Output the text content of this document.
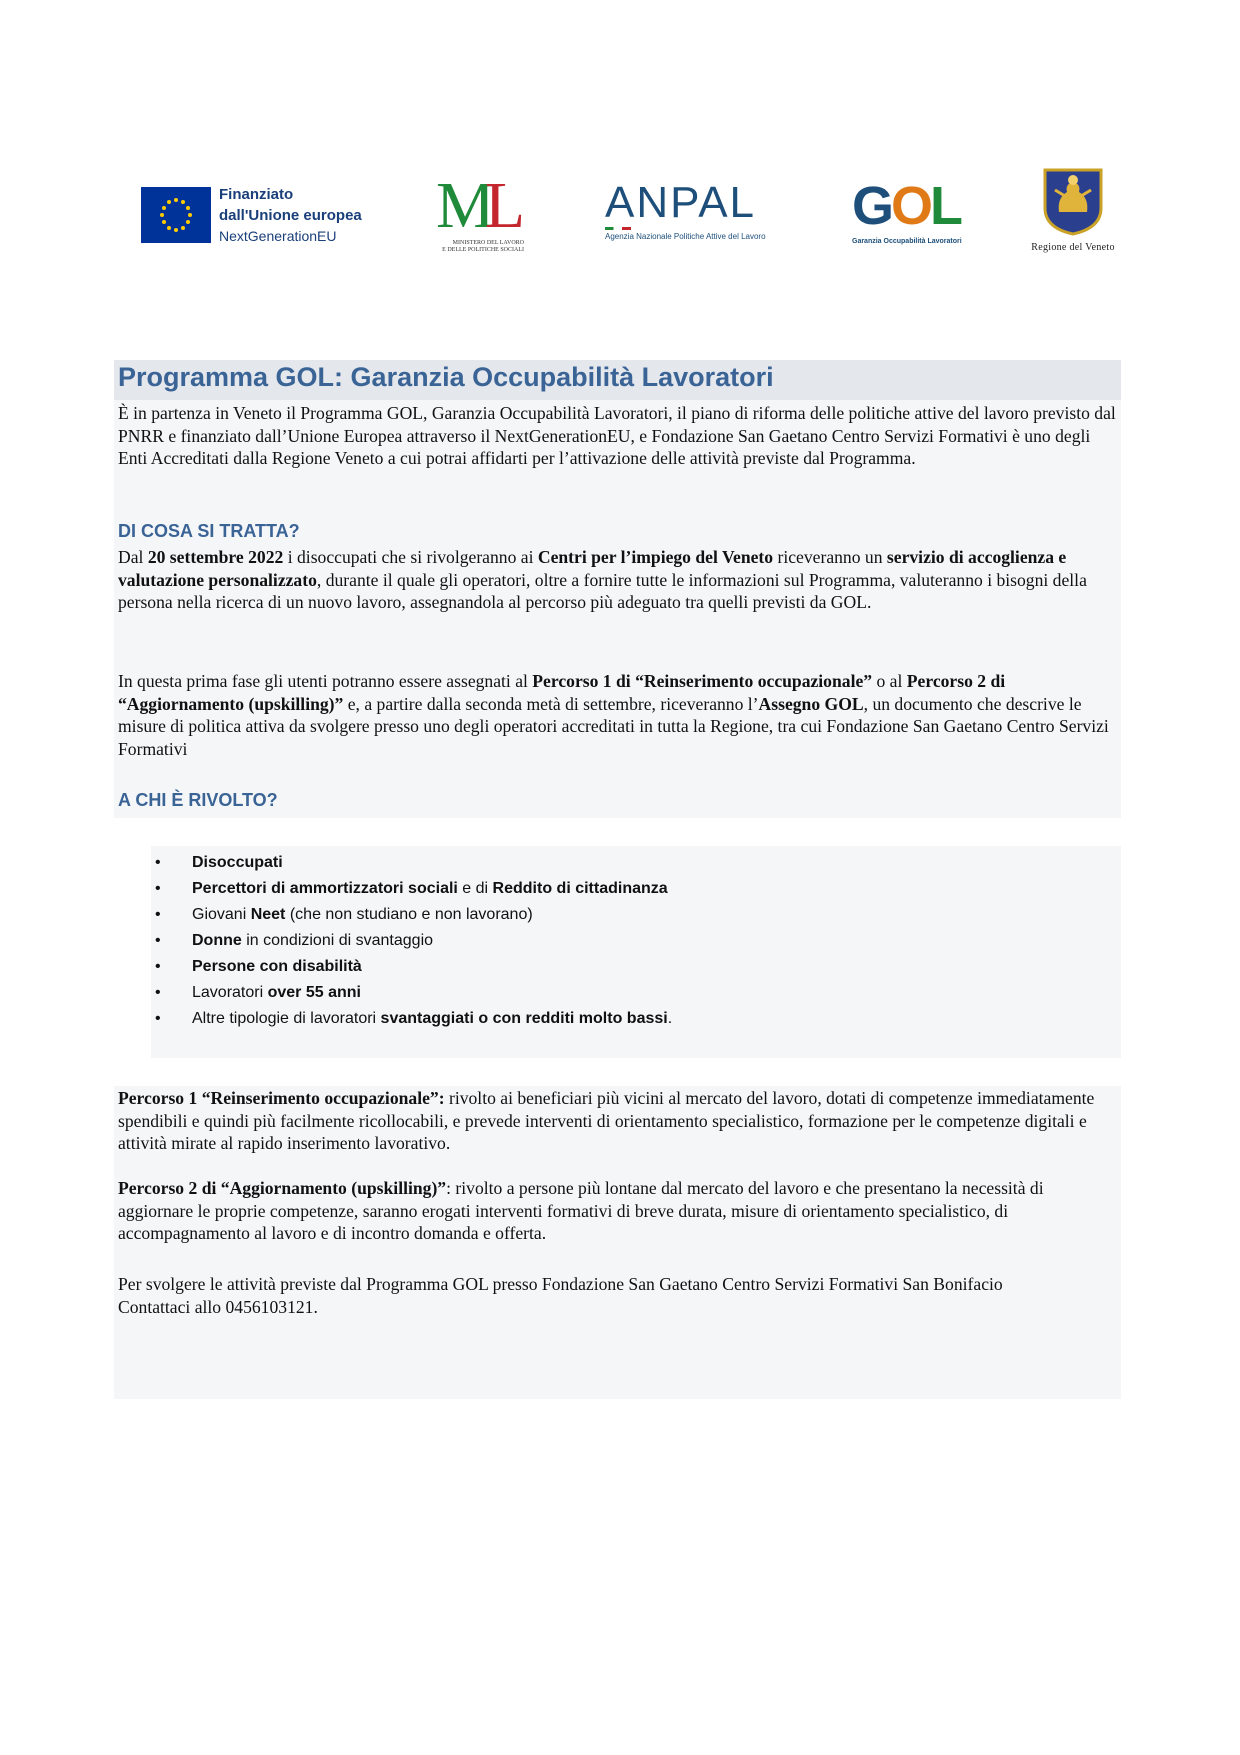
Finanziato
dall'Unione europea
NextGenerationEU	ML
MINISTERO DEL LAVORO
E DELLE POLITICHE SOCIALI
ANPAL
Agenzia Nazionale Politiche Attive del Lavoro
GOL
Garanzia Occupabilità Lavoratori
Regione del Veneto
Programma GOL: Garanzia Occupabilità Lavoratori
È in partenza in Veneto il Programma GOL, Garanzia Occupabilità Lavoratori, il piano di riforma delle politiche attive del lavoro previsto dal PNRR e finanziato dall’Unione Europea attraverso il NextGenerationEU, e Fondazione San Gaetano Centro Servizi Formativi è uno degli Enti Accreditati dalla Regione Veneto a cui potrai affidarti per l’attivazione delle attività previste dal Programma.
DI COSA SI TRATTA?
Dal 20 settembre 2022 i disoccupati che si rivolgeranno ai Centri per l’impiego del Veneto riceveranno un servizio di accoglienza e valutazione personalizzato, durante il quale gli operatori, oltre a fornire tutte le informazioni sul Programma, valuteranno i bisogni della persona nella ricerca di un nuovo lavoro, assegnandola al percorso più adeguato tra quelli previsti da GOL.
In questa prima fase gli utenti potranno essere assegnati al Percorso 1 di “Reinserimento occupazionale” o al Percorso 2 di “Aggiornamento (upskilling)” e, a partire dalla seconda metà di settembre, riceveranno l’Assegno GOL, un documento che descrive le misure di politica attiva da svolgere presso uno degli operatori accreditati in tutta la Regione, tra cui Fondazione San Gaetano Centro Servizi Formativi
A CHI È RIVOLTO?
• Disoccupati
• Percettori di ammortizzatori sociali e di Reddito di cittadinanza
• Giovani Neet (che non studiano e non lavorano)
• Donne in condizioni di svantaggio
• Persone con disabilità
• Lavoratori over 55 anni
• Altre tipologie di lavoratori svantaggiati o con redditi molto bassi.
Percorso 1 “Reinserimento occupazionale”: rivolto ai beneficiari più vicini al mercato del lavoro, dotati di competenze immediatamente spendibili e quindi più facilmente ricollocabili, e prevede interventi di orientamento specialistico, formazione per le competenze digitali e attività mirate al rapido inserimento lavorativo.
Percorso 2 di “Aggiornamento (upskilling)”: rivolto a persone più lontane dal mercato del lavoro e che presentano la necessità di aggiornare le proprie competenze, saranno erogati interventi formativi di breve durata, misure di orientamento specialistico, di accompagnamento al lavoro e di incontro domanda e offerta.
Per svolgere le attività previste dal Programma GOL presso Fondazione San Gaetano Centro Servizi Formativi San Bonifacio
Contattaci allo 0456103121.
